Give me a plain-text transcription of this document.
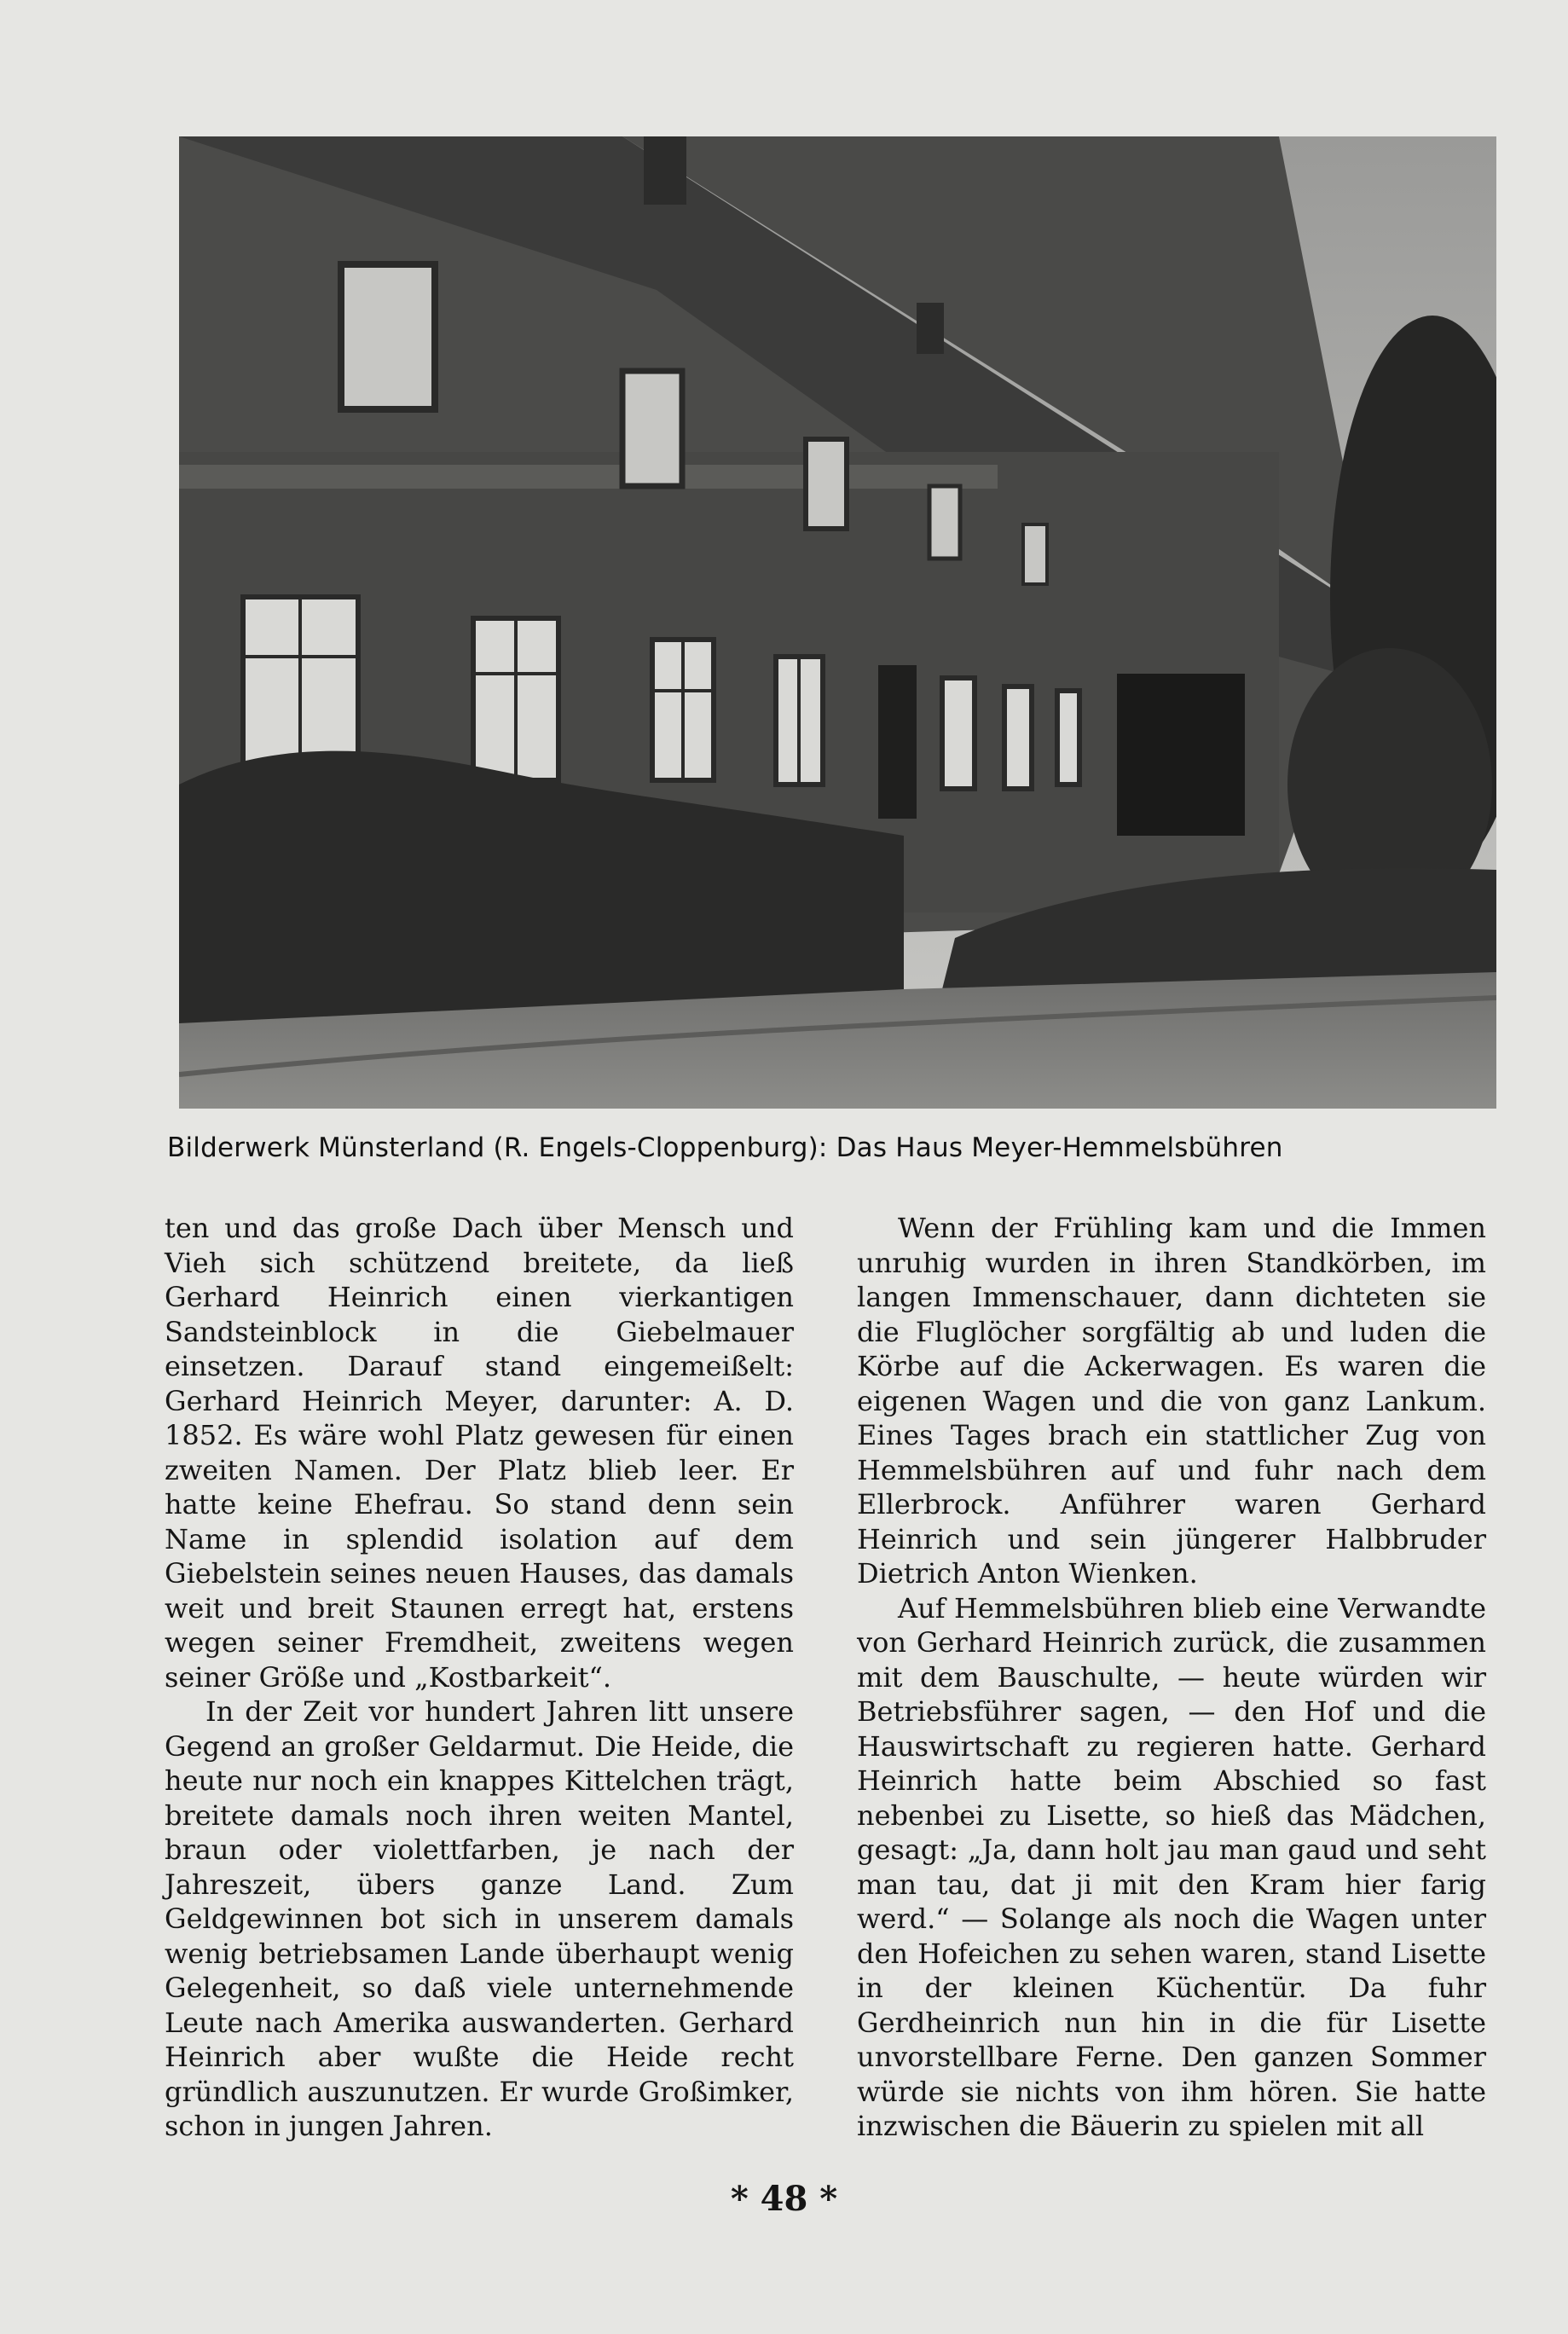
Bilderwerk Münsterland (R. Engels-Cloppenburg): Das Haus Meyer-Hemmelsbühren

ten und das große Dach über Mensch und Vieh sich schützend breitete, da ließ Gerhard Heinrich einen vierkantigen Sandsteinblock in die Giebelmauer einsetzen. Darauf stand eingemeißelt: Gerhard Heinrich Meyer, darunter: A. D. 1852. Es wäre wohl Platz gewesen für einen zweiten Namen. Der Platz blieb leer. Er hatte keine Ehefrau. So stand denn sein Name in splendid isolation auf dem Giebelstein seines neuen Hauses, das damals weit und breit Staunen erregt hat, erstens wegen seiner Fremdheit, zweitens wegen seiner Größe und „Kostbarkeit“.

In der Zeit vor hundert Jahren litt unsere Gegend an großer Geldarmut. Die Heide, die heute nur noch ein knappes Kittelchen trägt, breitete damals noch ihren weiten Mantel, braun oder violettfarben, je nach der Jahreszeit, übers ganze Land. Zum Geldgewinnen bot sich in unserem damals wenig betriebsamen Lande überhaupt wenig Gelegenheit, so daß viele unternehmende Leute nach Amerika auswanderten. Gerhard Heinrich aber wußte die Heide recht gründlich auszunutzen. Er wurde Großimker, schon in jungen Jahren.

Wenn der Frühling kam und die Immen unruhig wurden in ihren Standkörben, im langen Immenschauer, dann dichteten sie die Fluglöcher sorgfältig ab und luden die Körbe auf die Ackerwagen. Es waren die eigenen Wagen und die von ganz Lankum. Eines Tages brach ein stattlicher Zug von Hemmelsbühren auf und fuhr nach dem Ellerbrock. Anführer waren Gerhard Heinrich und sein jüngerer Halbbruder Dietrich Anton Wienken.

Auf Hemmelsbühren blieb eine Verwandte von Gerhard Heinrich zurück, die zusammen mit dem Bauschulte, — heute würden wir Betriebsführer sagen, — den Hof und die Hauswirtschaft zu regieren hatte. Gerhard Heinrich hatte beim Abschied so fast nebenbei zu Lisette, so hieß das Mädchen, gesagt: „Ja, dann holt jau man gaud und seht man tau, dat ji mit den Kram hier farig werd.“ — Solange als noch die Wagen unter den Hofeichen zu sehen waren, stand Lisette in der kleinen Küchentür. Da fuhr Gerdheinrich nun hin in die für Lisette unvorstellbare Ferne. Den ganzen Sommer würde sie nichts von ihm hören. Sie hatte inzwischen die Bäuerin zu spielen mit all

* 48 *
